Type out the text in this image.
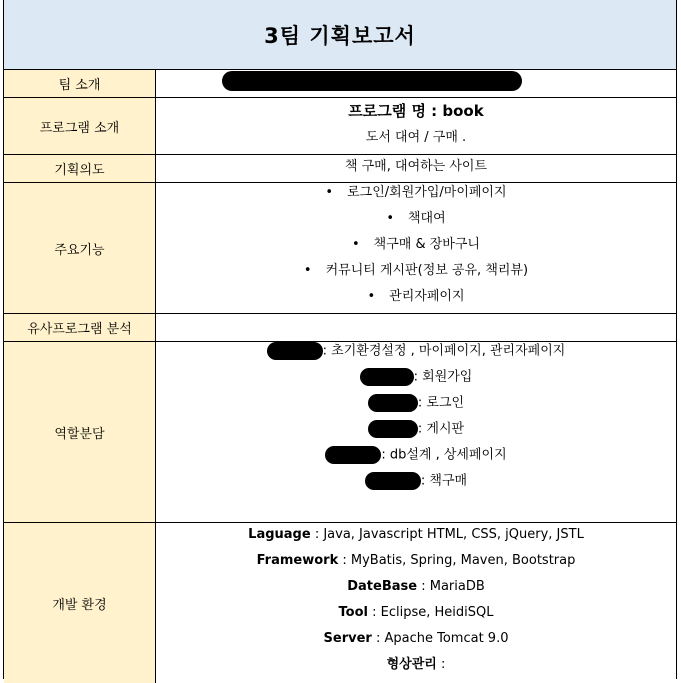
3팀 기획보고서
팀 소개
프로그램 소개
프로그램 명 : book
도서 대여 / 구매 .
기획의도	책 구매, 대여하는 사이트
주요기능
• 로그인/회원가입/마이페이지
• 책대여
• 책구매 & 장바구니
• 커뮤니티 게시판(정보 공유, 책리뷰)
• 관리자페이지
유사프로그램 분석
역할분담
: 초기환경설정 , 마이페이지, 관리자페이지
: 회원가입
: 로그인
: 게시판
: db설계 , 상세페이지
: 책구매
개발 환경
Laguage : Java, Javascript HTML, CSS, jQuery, JSTL
Framework : MyBatis, Spring, Maven, Bootstrap
DateBase : MariaDB
Tool : Eclipse, HeidiSQL
Server : Apache Tomcat 9.0
형상관리 :
